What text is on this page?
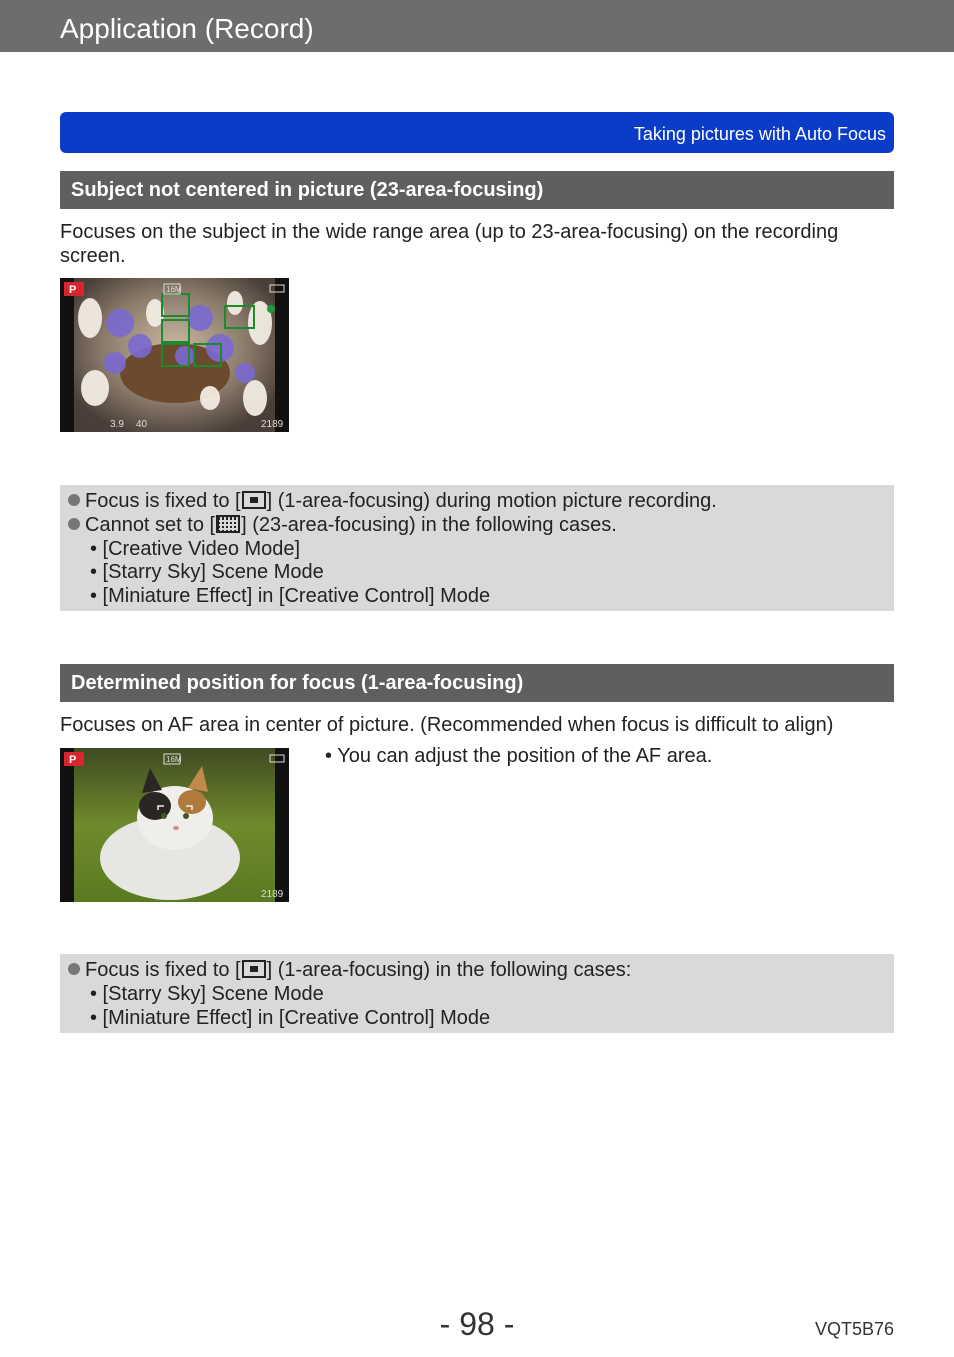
Application (Record)
Taking pictures with Auto Focus
Subject not centered in picture (23-area-focusing)
Focuses on the subject in the wide range area (up to 23-area-focusing) on the recording screen.
P	16M
3.9 40	2189
Focus is fixed to [ ] (1-area-focusing) during motion picture recording.
Cannot set to [ ] (23-area-focusing) in the following cases.
• [Creative Video Mode]
• [Starry Sky] Scene Mode
• [Miniature Effect] in [Creative Control] Mode
Determined position for focus (1-area-focusing)
Focuses on AF area in center of picture. (Recommended when focus is difficult to align)
P	16M
2189
• You can adjust the position of the AF area.
Focus is fixed to [ ] (1-area-focusing) in the following cases:
• [Starry Sky] Scene Mode
• [Miniature Effect] in [Creative Control] Mode
- 98 -	VQT5B76
